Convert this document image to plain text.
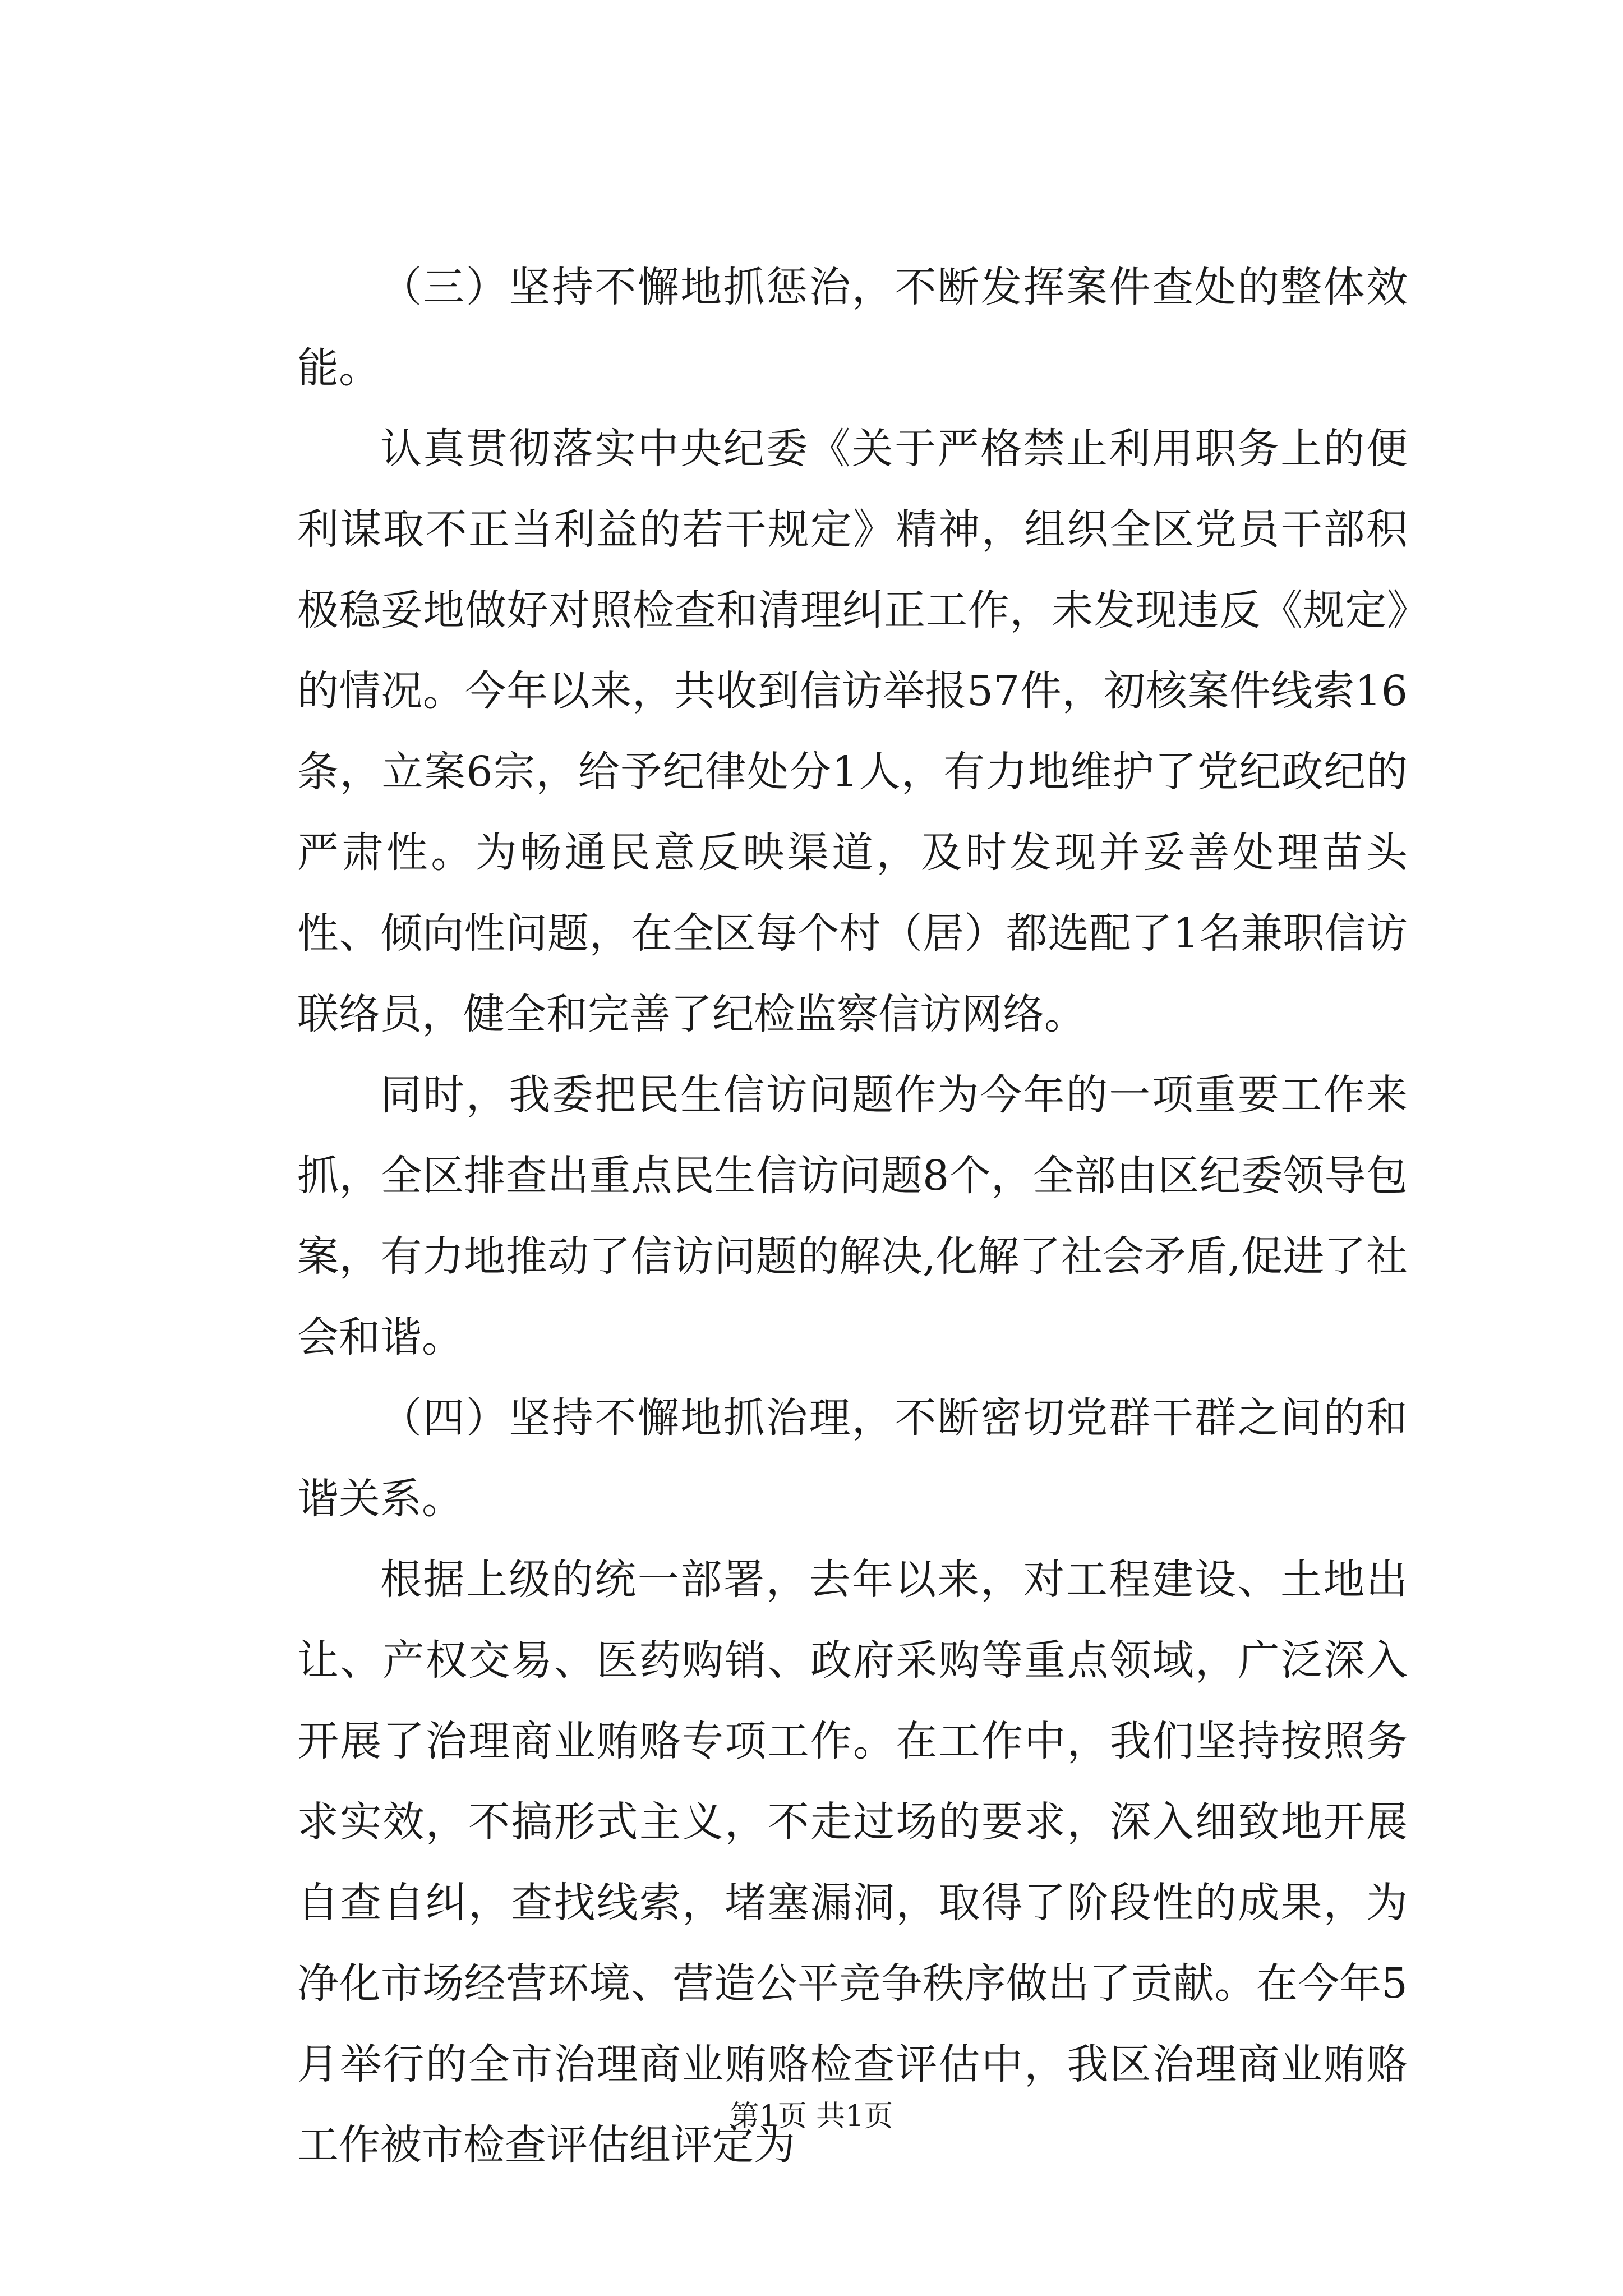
（三）坚持不懈地抓惩治，不断发挥案件查处的整体效能。

认真贯彻落实中央纪委《关于严格禁止利用职务上的便利谋取不正当利益的若干规定》精神，组织全区党员干部积极稳妥地做好对照检查和清理纠正工作，未发现违反《规定》的情况。今年以来，共收到信访举报57件，初核案件线索16条，立案6宗，给予纪律处分1人，有力地维护了党纪政纪的严肃性。为畅通民意反映渠道，及时发现并妥善处理苗头性、倾向性问题，在全区每个村（居）都选配了1名兼职信访联络员，健全和完善了纪检监察信访网络。

同时，我委把民生信访问题作为今年的一项重要工作来抓，全区排查出重点民生信访问题8个，全部由区纪委领导包案，有力地推动了信访问题的解决,化解了社会矛盾,促进了社会和谐。

（四）坚持不懈地抓治理，不断密切党群干群之间的和谐关系。

根据上级的统一部署，去年以来，对工程建设、土地出让、产权交易、医药购销、政府采购等重点领域，广泛深入开展了治理商业贿赂专项工作。在工作中，我们坚持按照务求实效，不搞形式主义，不走过场的要求，深入细致地开展自查自纠，查找线索，堵塞漏洞，取得了阶段性的成果，为净化市场经营环境、营造公平竞争秩序做出了贡献。在今年5月举行的全市治理商业贿赂检查评估中，我区治理商业贿赂工作被市检查评估组评定为

第1页 共1页
